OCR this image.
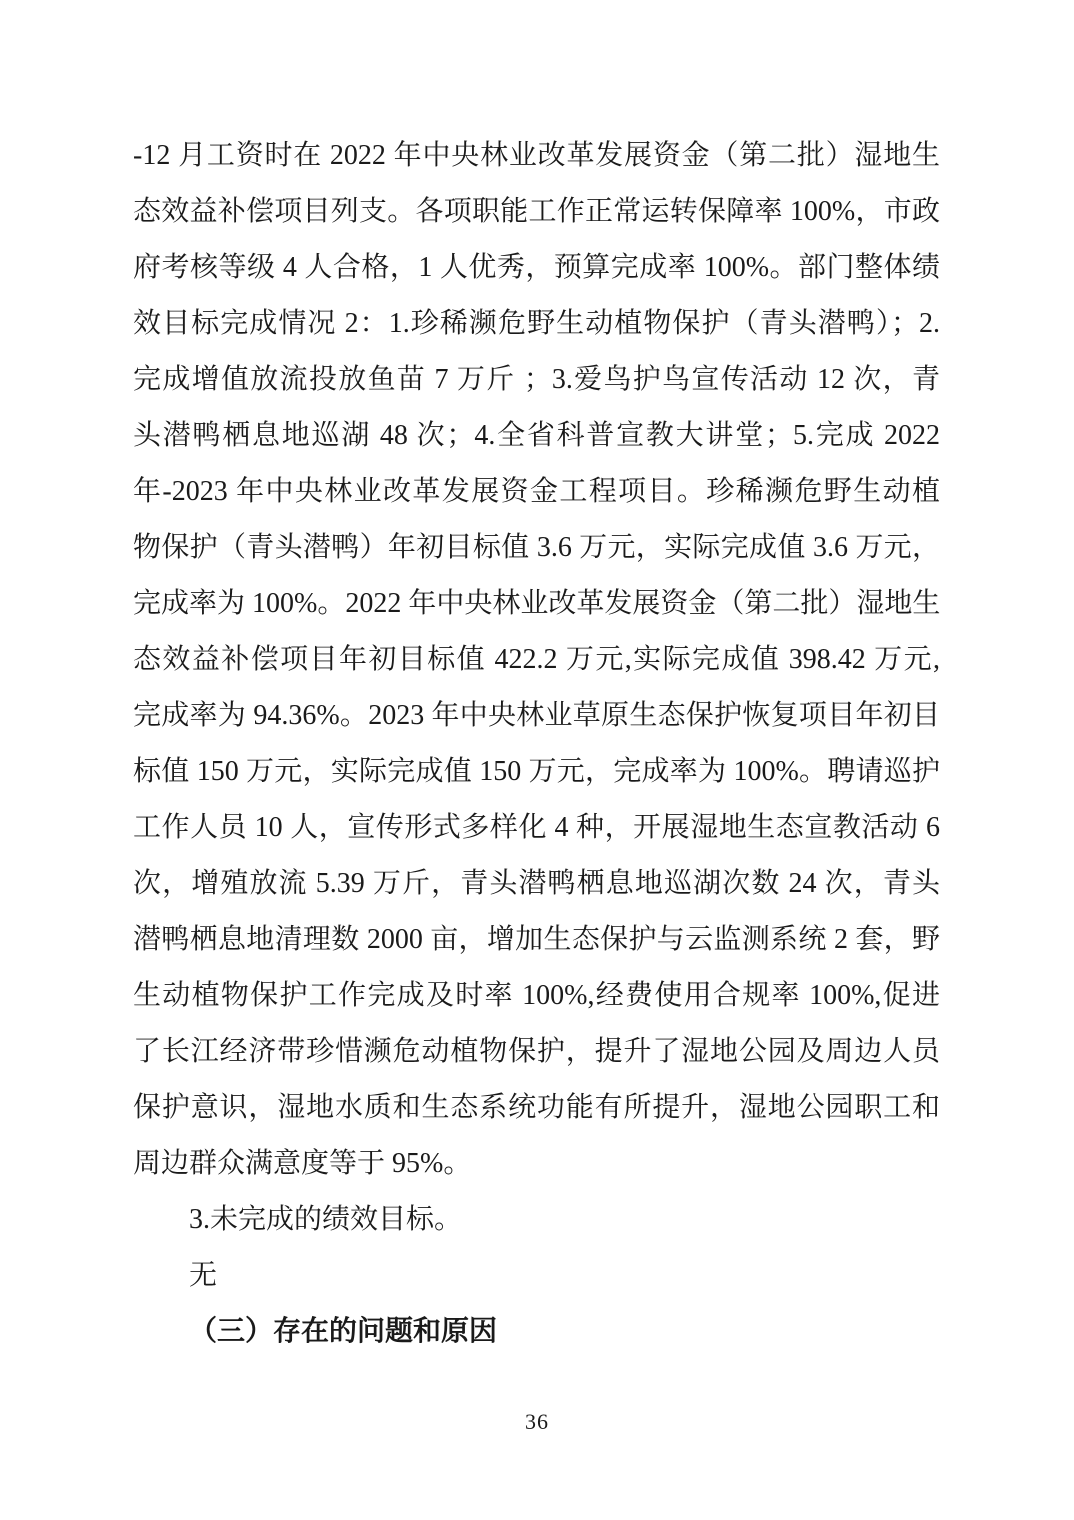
-12 月工资时在 2022 年中央林业改革发展资金（第二批）湿地生
态效益补偿项目列支。各项职能工作正常运转保障率 100%，市政
府考核等级 4 人合格，1 人优秀，预算完成率 100%。部门整体绩
效目标完成情况 2：1.珍稀濒危野生动植物保护（青头潜鸭）；2.
完成增值放流投放鱼苗 7 万斤 ；3.爱鸟护鸟宣传活动 12 次，青
头潜鸭栖息地巡湖 48 次；4.全省科普宣教大讲堂；5.完成 2022
年-2023 年中央林业改革发展资金工程项目。珍稀濒危野生动植
物保护（青头潜鸭）年初目标值 3.6 万元，实际完成值 3.6 万元，
完成率为 100%。2022 年中央林业改革发展资金（第二批）湿地生
态效益补偿项目年初目标值 422.2 万元,实际完成值 398.42 万元,
完成率为 94.36%。2023 年中央林业草原生态保护恢复项目年初目
标值 150 万元，实际完成值 150 万元，完成率为 100%。聘请巡护
工作人员 10 人，宣传形式多样化 4 种，开展湿地生态宣教活动 6
次，增殖放流 5.39 万斤，青头潜鸭栖息地巡湖次数 24 次，青头
潜鸭栖息地清理数 2000 亩，增加生态保护与云监测系统 2 套，野
生动植物保护工作完成及时率 100%,经费使用合规率 100%,促进
了长江经济带珍惜濒危动植物保护，提升了湿地公园及周边人员
保护意识，湿地水质和生态系统功能有所提升，湿地公园职工和
周边群众满意度等于 95%。
3.未完成的绩效目标。
无
（三）存在的问题和原因
36
